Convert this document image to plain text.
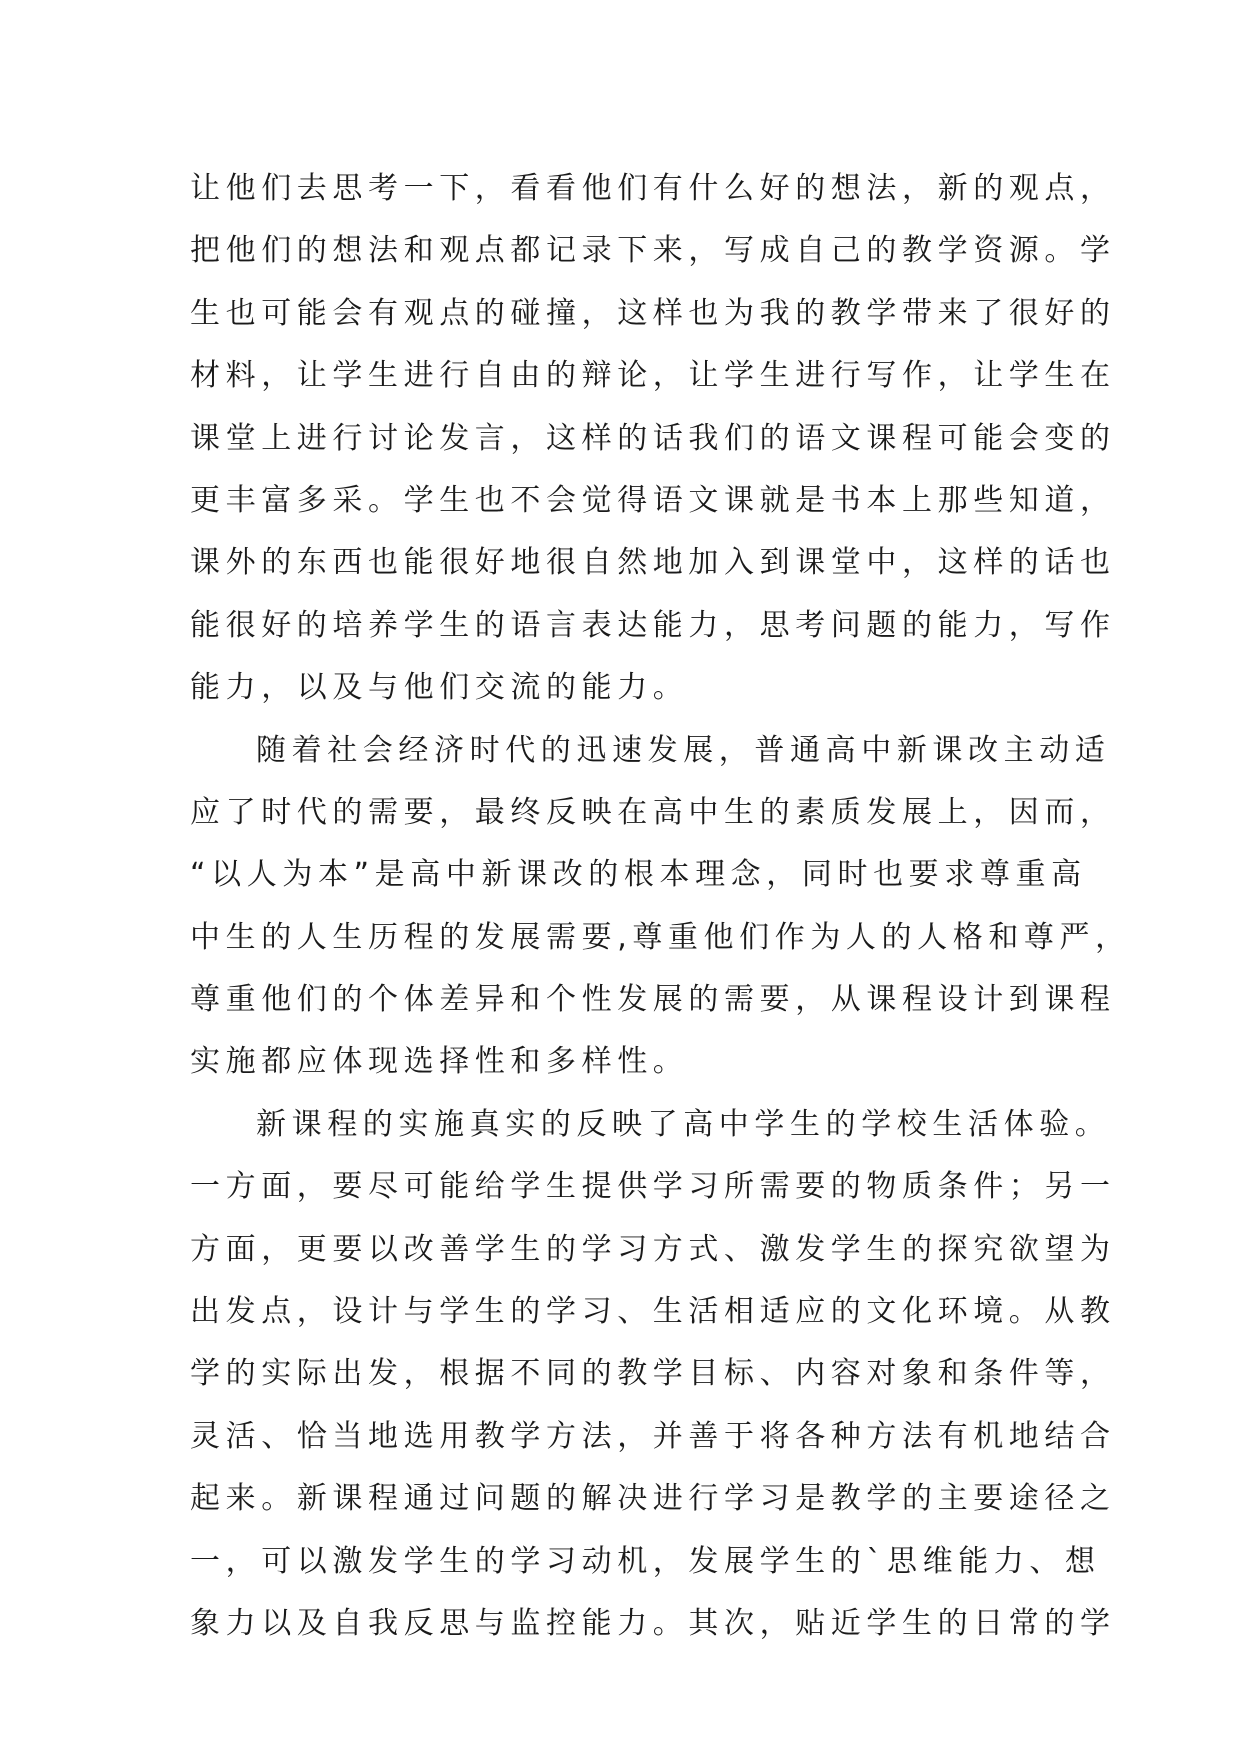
让他们去思考一下，看看他们有什么好的想法，新的观点，
把他们的想法和观点都记录下来，写成自己的教学资源。学
生也可能会有观点的碰撞，这样也为我的教学带来了很好的
材料，让学生进行自由的辩论，让学生进行写作，让学生在
课堂上进行讨论发言，这样的话我们的语文课程可能会变的
更丰富多采。学生也不会觉得语文课就是书本上那些知道，
课外的东西也能很好地很自然地加入到课堂中，这样的话也
能很好的培养学生的语言表达能力，思考问题的能力，写作
能力，以及与他们交流的能力。
随着社会经济时代的迅速发展，普通高中新课改主动适
应了时代的需要，最终反映在高中生的素质发展上，因而，
“以人为本”是高中新课改的根本理念，同时也要求尊重高
中生的人生历程的发展需要,尊重他们作为人的人格和尊严，
尊重他们的个体差异和个性发展的需要，从课程设计到课程
实施都应体现选择性和多样性。
新课程的实施真实的反映了高中学生的学校生活体验。
一方面，要尽可能给学生提供学习所需要的物质条件；另一
方面，更要以改善学生的学习方式、激发学生的探究欲望为
出发点，设计与学生的学习、生活相适应的文化环境。从教
学的实际出发，根据不同的教学目标、内容对象和条件等，
灵活、恰当地选用教学方法，并善于将各种方法有机地结合
起来。新课程通过问题的解决进行学习是教学的主要途径之
一，可以激发学生的学习动机，发展学生的`思维能力、想
象力以及自我反思与监控能力。其次，贴近学生的日常的学
